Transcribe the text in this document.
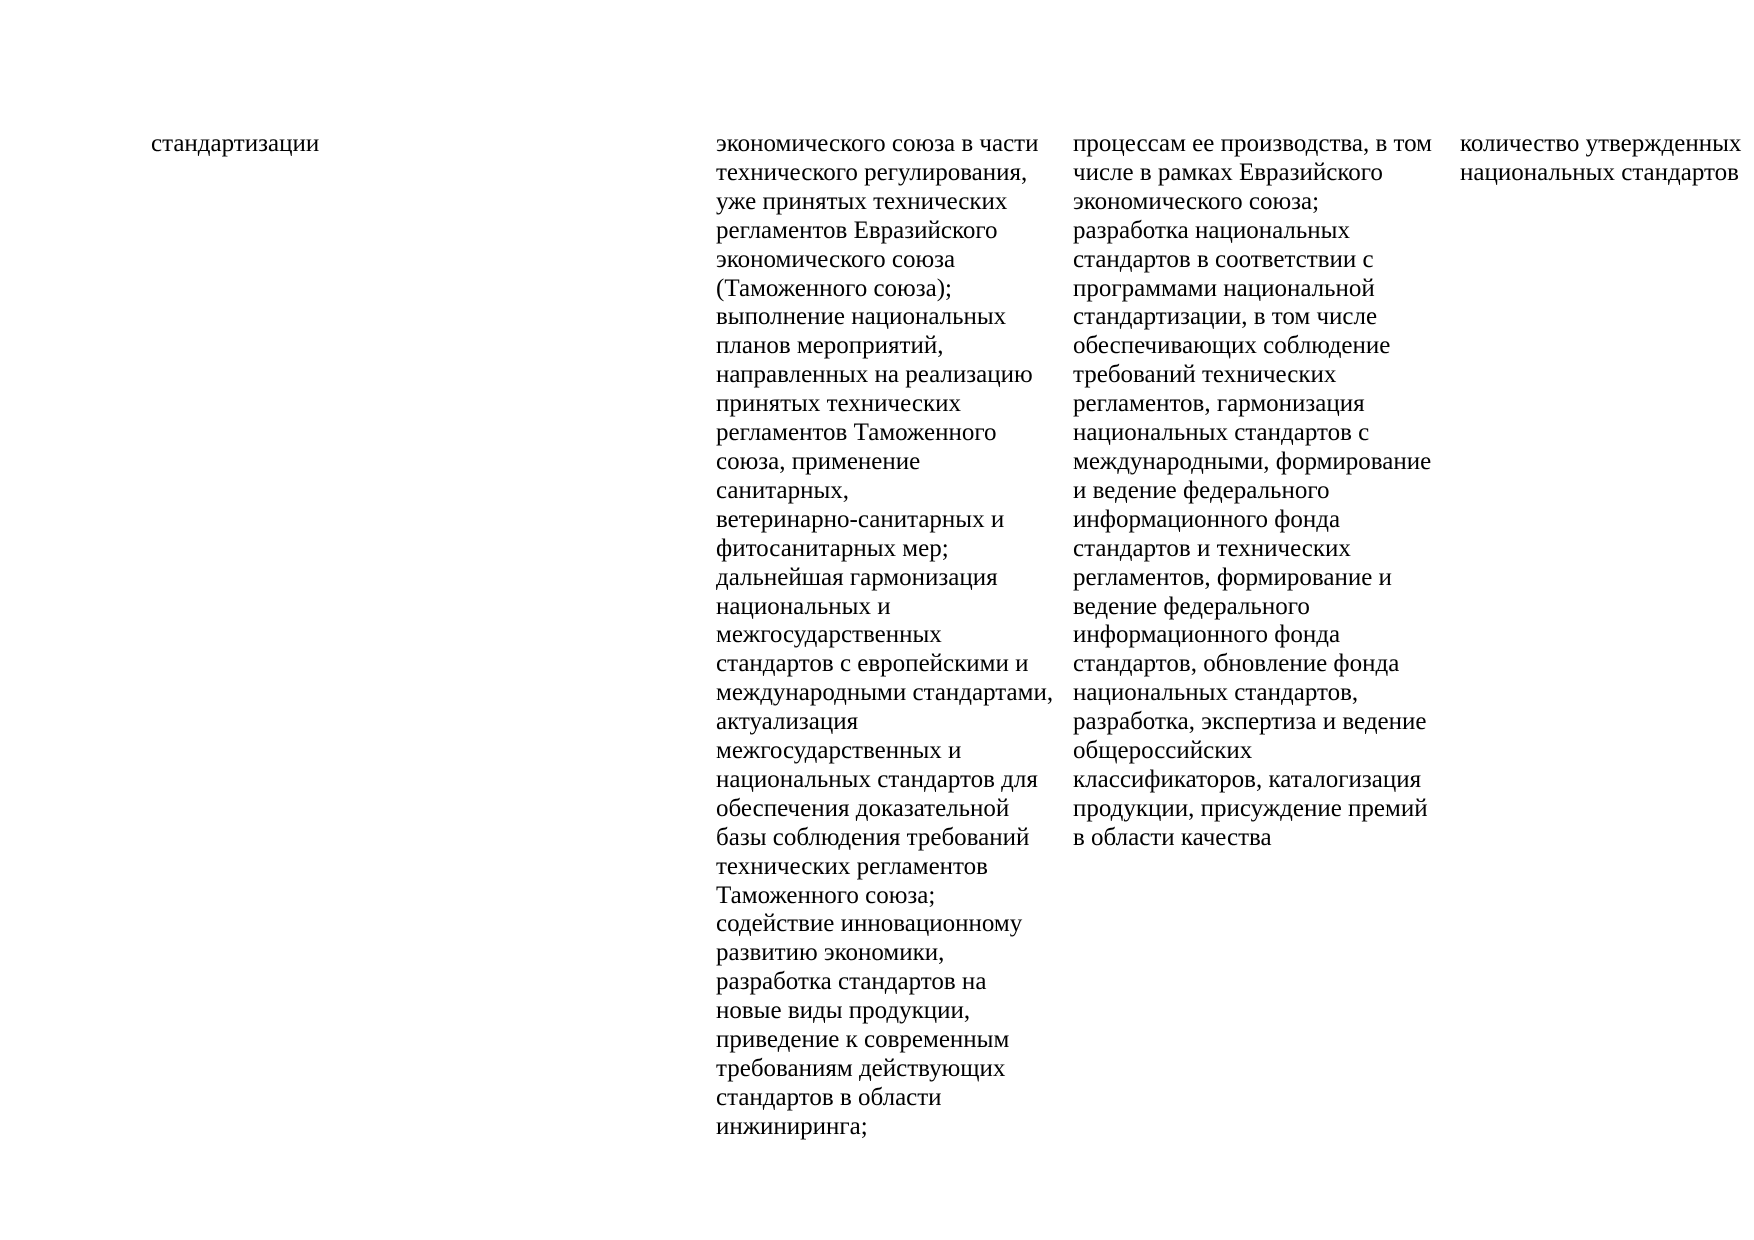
стандартизации	экономического союза в части
технического регулирования,
уже принятых технических
регламентов Евразийского
экономического союза
(Таможенного союза);
выполнение национальных
планов мероприятий,
направленных на реализацию
принятых технических
регламентов Таможенного
союза, применение
санитарных,
ветеринарно-санитарных и
фитосанитарных мер;
дальнейшая гармонизация
национальных и
межгосударственных
стандартов с европейскими и
международными стандартами,
актуализация
межгосударственных и
национальных стандартов для
обеспечения доказательной
базы соблюдения требований
технических регламентов
Таможенного союза;
содействие инновационному
развитию экономики,
разработка стандартов на
новые виды продукции,
приведение к современным
требованиям действующих
стандартов в области
инжиниринга;
процессам ее производства, в том
числе в рамках Евразийского
экономического союза;
разработка национальных
стандартов в соответствии с
программами национальной
стандартизации, в том числе
обеспечивающих соблюдение
требований технических
регламентов, гармонизация
национальных стандартов с
международными, формирование
и ведение федерального
информационного фонда
стандартов и технических
регламентов, формирование и
ведение федерального
информационного фонда
стандартов, обновление фонда
национальных стандартов,
разработка, экспертиза и ведение
общероссийских
классификаторов, каталогизация
продукции, присуждение премий
в области качества
количество утвержденных
национальных стандартов
